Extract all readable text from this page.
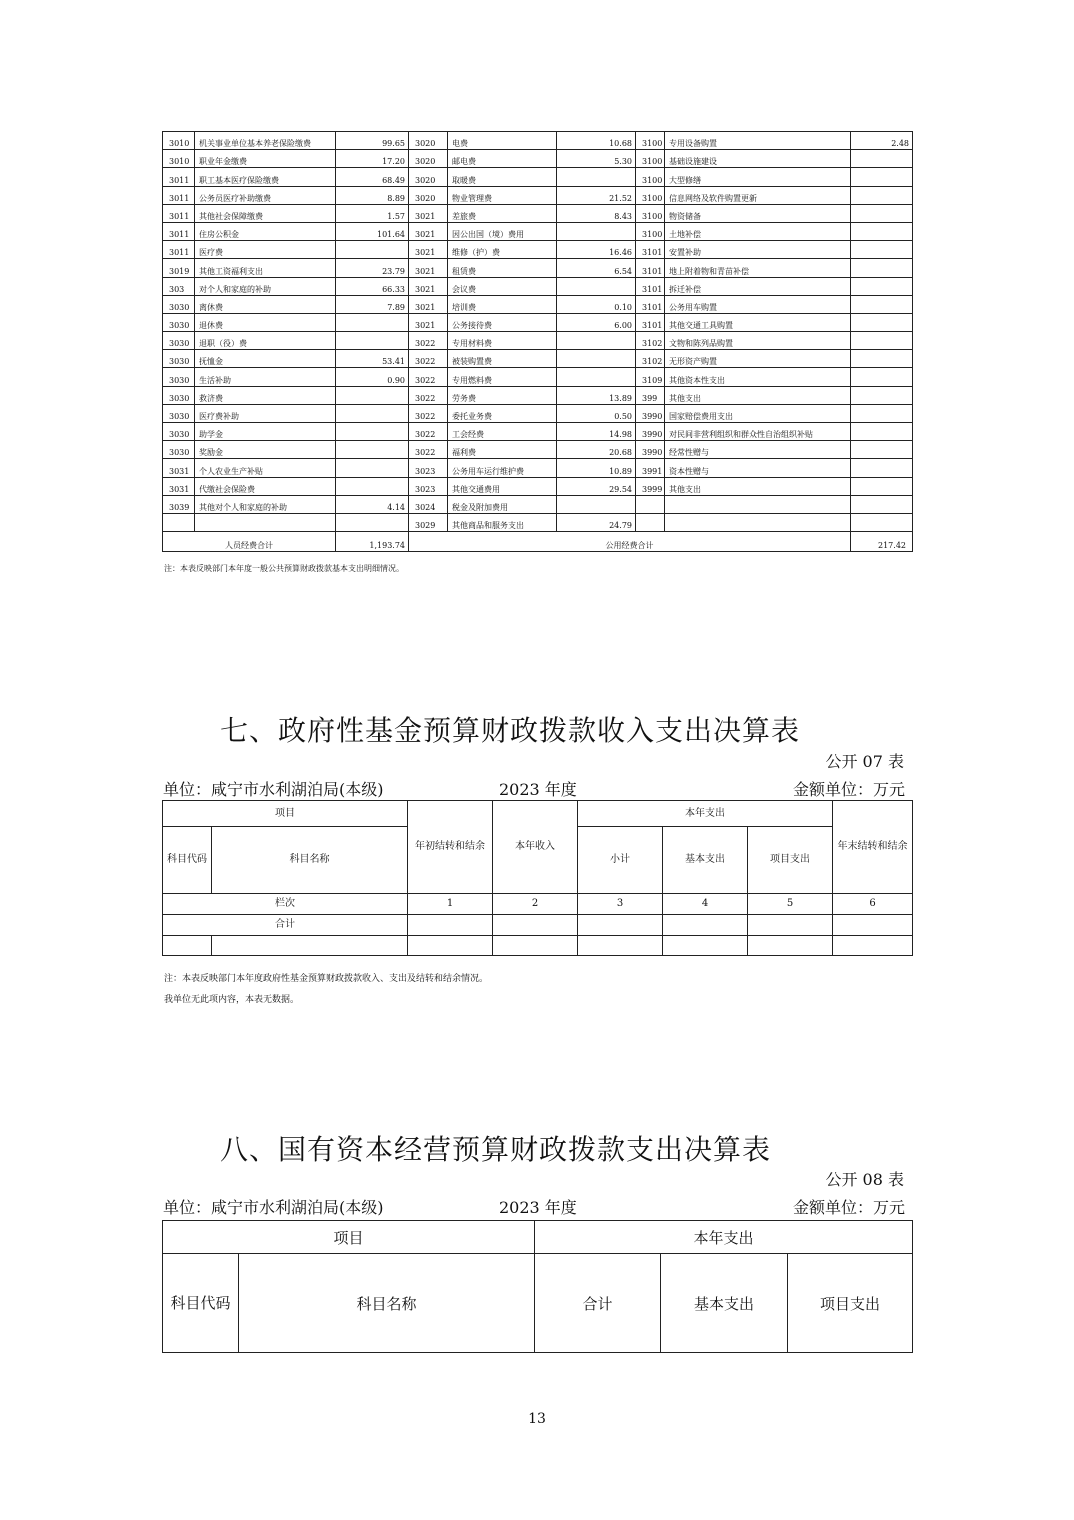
3010	机关事业单位基本养老保险缴费	99.65	3020	电费	10.68	3100	专用设备购置	2.48
3010	职业年金缴费	17.20	3020	邮电费	5.30	3100	基础设施建设	
3011	职工基本医疗保险缴费	68.49	3020	取暖费		3100	大型修缮	
3011	公务员医疗补助缴费	8.89	3020	物业管理费	21.52	3100	信息网络及软件购置更新	
3011	其他社会保障缴费	1.57	3021	差旅费	8.43	3100	物资储备	
3011	住房公积金	101.64	3021	因公出国（境）费用		3100	土地补偿	
3011	医疗费		3021	维修（护）费	16.46	3101	安置补助	
3019	其他工资福利支出	23.79	3021	租赁费	6.54	3101	地上附着物和青苗补偿	
303	对个人和家庭的补助	66.33	3021	会议费		3101	拆迁补偿	
3030	离休费	7.89	3021	培训费	0.10	3101	公务用车购置	
3030	退休费		3021	公务接待费	6.00	3101	其他交通工具购置	
3030	退职（役）费		3022	专用材料费		3102	文物和陈列品购置	
3030	抚恤金	53.41	3022	被装购置费		3102	无形资产购置	
3030	生活补助	0.90	3022	专用燃料费		3109	其他资本性支出	
3030	救济费		3022	劳务费	13.89	399	其他支出	
3030	医疗费补助		3022	委托业务费	0.50	3990	国家赔偿费用支出	
3030	助学金		3022	工会经费	14.98	3990	对民间非营利组织和群众性自治组织补贴	
3030	奖励金		3022	福利费	20.68	3990	经常性赠与	
3031	个人农业生产补贴		3023	公务用车运行维护费	10.89	3991	资本性赠与	
3031	代缴社会保险费		3023	其他交通费用	29.54	3999	其他支出	
3039	其他对个人和家庭的补助	4.14	3024	税金及附加费用				
			3029	其他商品和服务支出	24.79			
人员经费合计		1,193.74	公用经费合计					217.42
注：本表反映部门本年度一般公共预算财政拨款基本支出明细情况。
七、政府性基金预算财政拨款收入支出决算表
公开 07 表
单位：咸宁市水利湖泊局(本级)	2023 年度	金额单位：万元
项目		年初结转和结余	本年收入	本年支出			年末结转和结余
科目代码	科目名称			小计	基本支出	项目支出	
栏次		1	2	3	4	5	6
合计							

注：本表反映部门本年度政府性基金预算财政拨款收入、支出及结转和结余情况。
我单位无此项内容，本表无数据。
八、国有资本经营预算财政拨款支出决算表
公开 08 表
单位：咸宁市水利湖泊局(本级)	2023 年度	金额单位：万元
项目		本年支出		
科目代码	科目名称	合计	基本支出	项目支出
13
